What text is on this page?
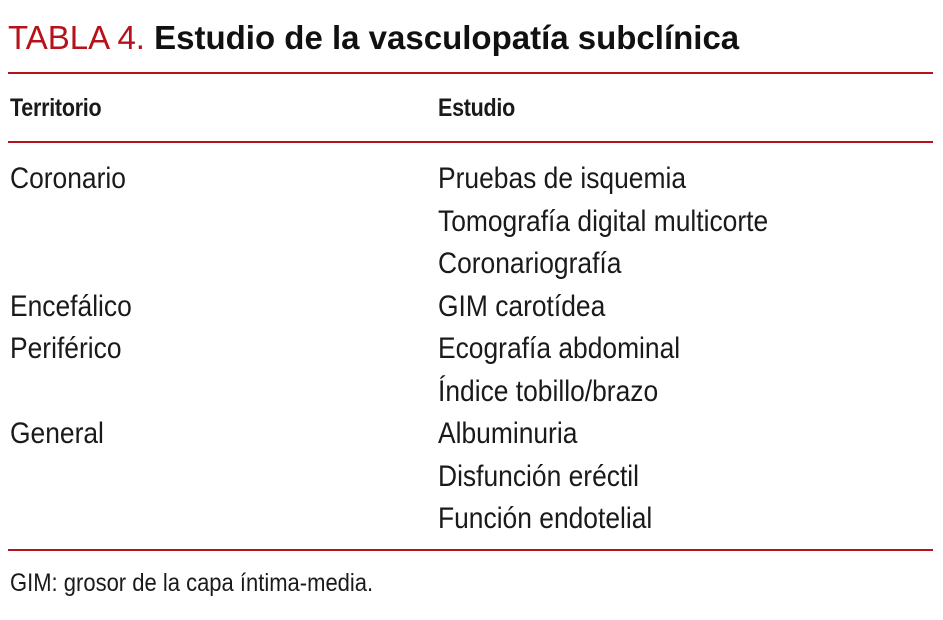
TABLA 4. Estudio de la vasculopatía subclínica
Territorio	Estudio
Coronario	Pruebas de isquemia
Tomografía digital multicorte
Coronariografía
Encefálico	GIM carotídea
Periférico	Ecografía abdominal
Índice tobillo/brazo
General	Albuminuria
Disfunción eréctil
Función endotelial
GIM: grosor de la capa íntima-media.
